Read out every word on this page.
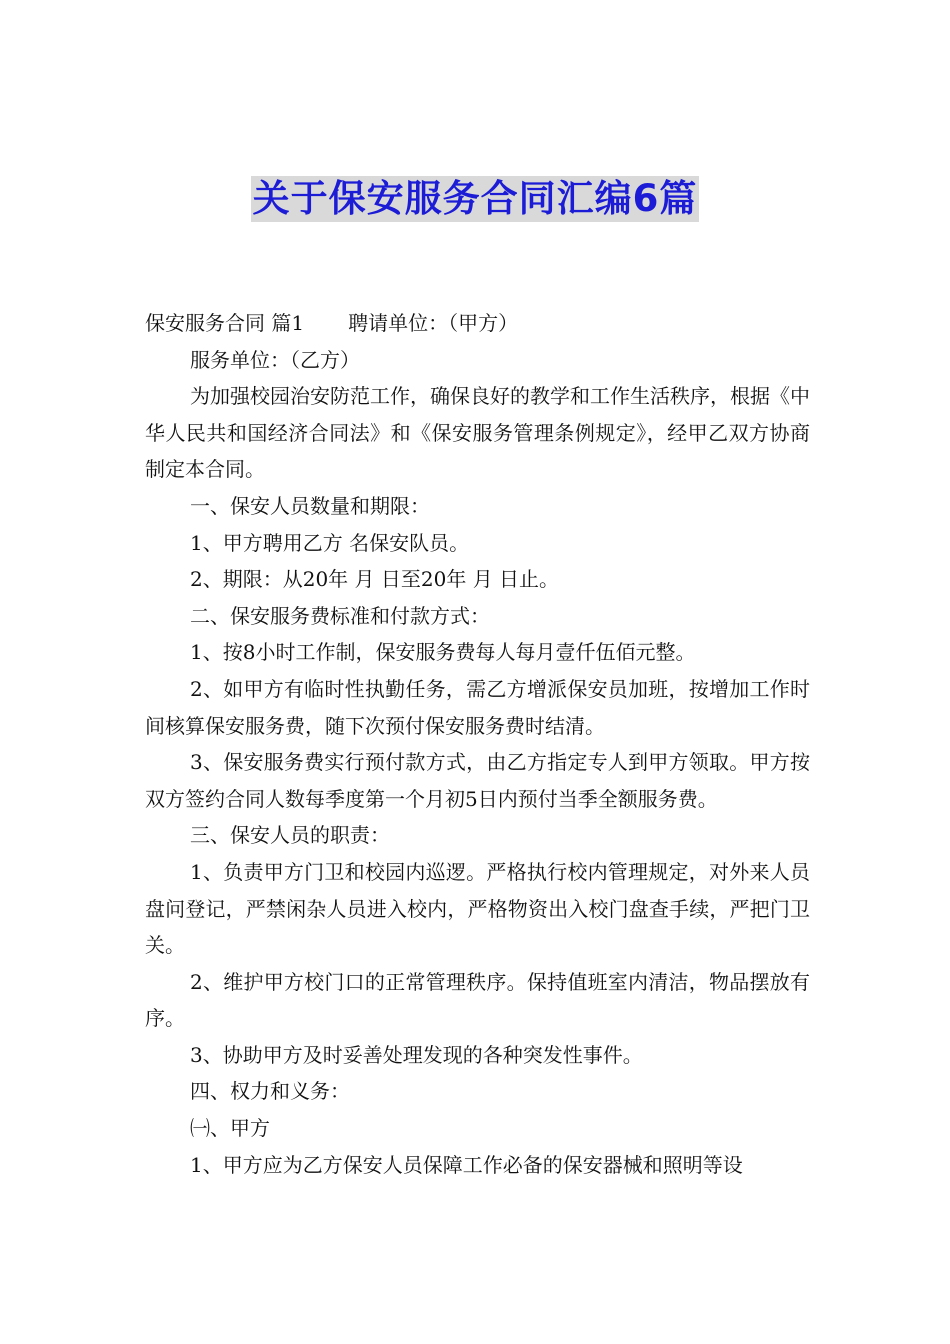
关于保安服务合同汇编6篇

保安服务合同 篇1 聘请单位：（甲方）

服务单位：（乙方）

为加强校园治安防范工作，确保良好的教学和工作生活秩序，根据《中华人民共和国经济合同法》和《保安服务管理条例规定》，经甲乙双方协商制定本合同。

一、保安人员数量和期限：

1、甲方聘用乙方 名保安队员。

2、期限：从20年 月 日至20年 月 日止。

二、保安服务费标准和付款方式：

1、按8小时工作制，保安服务费每人每月壹仟伍佰元整。

2、如甲方有临时性执勤任务，需乙方增派保安员加班，按增加工作时间核算保安服务费，随下次预付保安服务费时结清。

3、保安服务费实行预付款方式，由乙方指定专人到甲方领取。甲方按双方签约合同人数每季度第一个月初5日内预付当季全额服务费。

三、保安人员的职责：

1、负责甲方门卫和校园内巡逻。严格执行校内管理规定，对外来人员盘问登记，严禁闲杂人员进入校内，严格物资出入校门盘查手续，严把门卫关。

2、维护甲方校门口的正常管理秩序。保持值班室内清洁，物品摆放有序。

3、协助甲方及时妥善处理发现的各种突发性事件。

四、权力和义务：

㈠、甲方

1、甲方应为乙方保安人员保障工作必备的保安器械和照明等设
